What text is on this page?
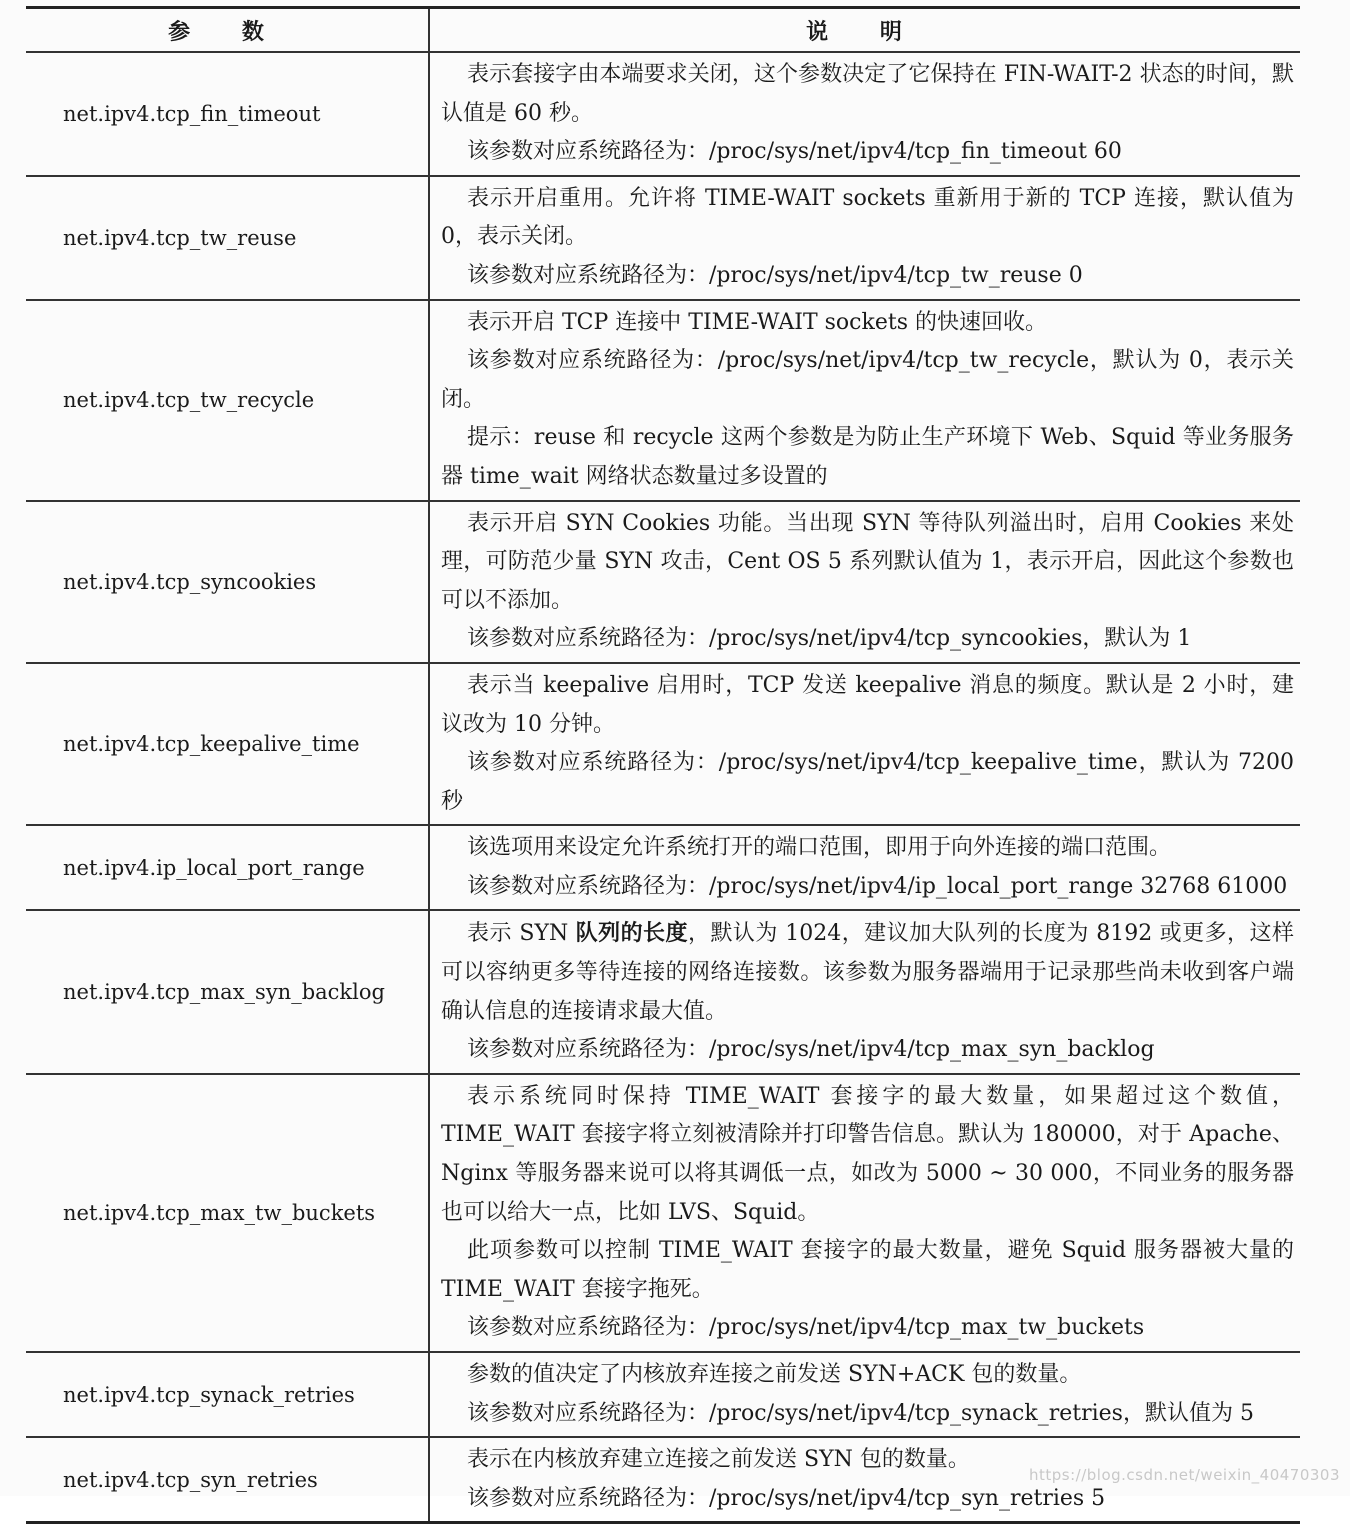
参 数	说 明
net.ipv4.tcp_fin_timeout	表示套接字由本端要求关闭，这个参数决定了它保持在 FIN-WAIT-2 状态的时间，默认值是 60 秒。

该参数对应系统路径为：/proc/sys/net/ipv4/tcp_fin_timeout 60

net.ipv4.tcp_tw_reuse	表示开启重用。允许将 TIME-WAIT sockets 重新用于新的 TCP 连接，默认值为 0，表示关闭。

该参数对应系统路径为：/proc/sys/net/ipv4/tcp_tw_reuse 0

net.ipv4.tcp_tw_recycle	表示开启 TCP 连接中 TIME-WAIT sockets 的快速回收。

该参数对应系统路径为：/proc/sys/net/ipv4/tcp_tw_recycle，默认为 0，表示关闭。

提示：reuse 和 recycle 这两个参数是为防止生产环境下 Web、Squid 等业务服务器 time_wait 网络状态数量过多设置的

net.ipv4.tcp_syncookies	表示开启 SYN Cookies 功能。当出现 SYN 等待队列溢出时，启用 Cookies 来处理，可防范少量 SYN 攻击，Cent OS 5 系列默认值为 1，表示开启，因此这个参数也可以不添加。

该参数对应系统路径为：/proc/sys/net/ipv4/tcp_syncookies，默认为 1

net.ipv4.tcp_keepalive_time	表示当 keepalive 启用时，TCP 发送 keepalive 消息的频度。默认是 2 小时，建议改为 10 分钟。

该参数对应系统路径为：/proc/sys/net/ipv4/tcp_keepalive_time，默认为 7200 秒

net.ipv4.ip_local_port_range	该选项用来设定允许系统打开的端口范围，即用于向外连接的端口范围。

该参数对应系统路径为：/proc/sys/net/ipv4/ip_local_port_range 32768 61000

net.ipv4.tcp_max_syn_backlog	表示 SYN 队列的长度，默认为 1024，建议加大队列的长度为 8192 或更多，这样可以容纳更多等待连接的网络连接数。该参数为服务器端用于记录那些尚未收到客户端确认信息的连接请求最大值。

该参数对应系统路径为：/proc/sys/net/ipv4/tcp_max_syn_backlog

net.ipv4.tcp_max_tw_buckets	表示系统同时保持 TIME_WAIT 套接字的最大数量，如果超过这个数值，TIME_WAIT 套接字将立刻被清除并打印警告信息。默认为 180000，对于 Apache、Nginx 等服务器来说可以将其调低一点，如改为 5000 ~ 30 000，不同业务的服务器也可以给大一点，比如 LVS、Squid。

此项参数可以控制 TIME_WAIT 套接字的最大数量，避免 Squid 服务器被大量的 TIME_WAIT 套接字拖死。

该参数对应系统路径为：/proc/sys/net/ipv4/tcp_max_tw_buckets

net.ipv4.tcp_synack_retries	参数的值决定了内核放弃连接之前发送 SYN+ACK 包的数量。

该参数对应系统路径为：/proc/sys/net/ipv4/tcp_synack_retries，默认值为 5

net.ipv4.tcp_syn_retries	表示在内核放弃建立连接之前发送 SYN 包的数量。

该参数对应系统路径为：/proc/sys/net/ipv4/tcp_syn_retries 5

https://blog.csdn.net/weixin_40470303
